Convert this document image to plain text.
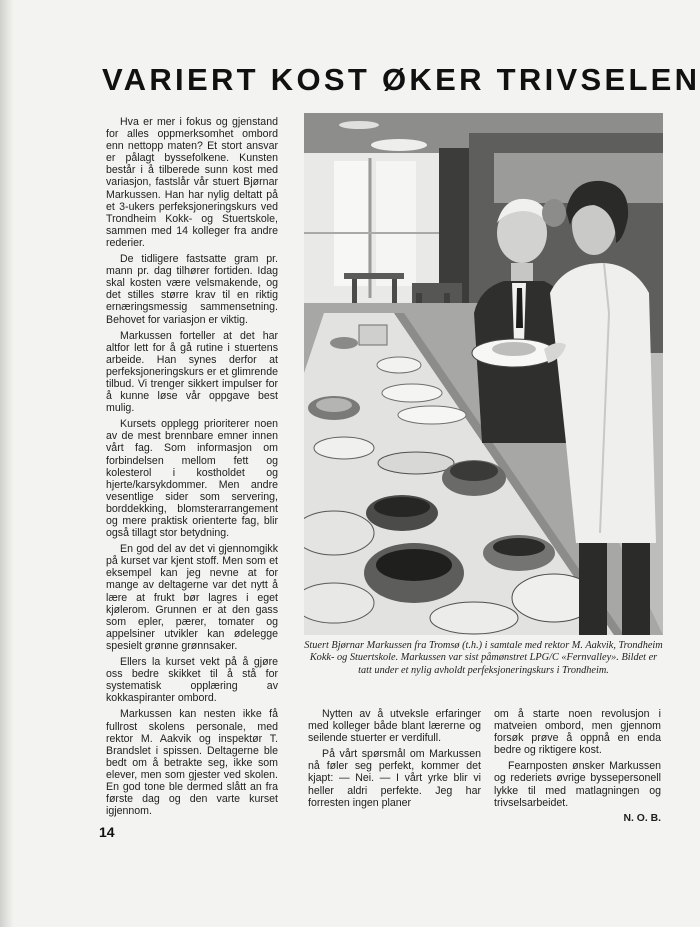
VARIERT KOST ØKER TRIVSELEN

Hva er mer i fokus og gjenstand for alles oppmerksomhet ombord enn nettopp maten? Et stort ansvar er pålagt byssefolkene. Kunsten består i å tilberede sunn kost med variasjon, fastslår vår stuert Bjørnar Markussen. Han har nylig deltatt på et 3-ukers perfeksjoneringskurs ved Trondheim Kokk- og Stuertskole, sammen med 14 kolleger fra andre rederier.

De tidligere fastsatte gram pr. mann pr. dag tilhører fortiden. Idag skal kosten være velsmakende, og det stilles større krav til en riktig ernæringsmessig sammensetning. Behovet for variasjon er viktig.

Markussen forteller at det har altfor lett for å gå rutine i stuertens arbeide. Han synes derfor at perfeksjoneringskurs er et glimrende tilbud. Vi trenger sikkert impulser for å kunne løse vår oppgave best mulig.

Kursets opplegg prioriterer noen av de mest brennbare emner innen vårt fag. Som informasjon om forbindelsen mellom fett og kolesterol i kostholdet og hjerte/karsykdommer. Men andre vesentlige sider som servering, borddekking, blomsterarrangement og mere praktisk orienterte fag, blir også tillagt stor betydning.

En god del av det vi gjennomgikk på kurset var kjent stoff. Men som et eksempel kan jeg nevne at for mange av deltagerne var det nytt å lære at frukt bør lagres i eget kjølerom. Grunnen er at den gass som epler, pærer, tomater og appelsiner utvikler kan ødelegge spesielt grønne grønnsaker.

Ellers la kurset vekt på å gjøre oss bedre skikket til å stå for systematisk opplæring av kokkaspiranter ombord.

Markussen kan nesten ikke få fullrost skolens personale, med rektor M. Aakvik og inspektør T. Brandslet i spissen. Deltagerne ble bedt om å betrakte seg, ikke som elever, men som gjester ved skolen. En god tone ble dermed slått an fra første dag og den varte kurset igjennom.

Stuert Bjørnar Markussen fra Tromsø (t.h.) i samtale med rektor M. Aakvik, Trondheim Kokk- og Stuertskole. Markussen var sist påmønstret LPG/C «Fernvalley». Bildet er tatt under et nylig avholdt perfeksjoneringskurs i Trondheim.

Nytten av å utveksle erfaringer med kolleger både blant lærerne og seilende stuerter er verdifull.

På vårt spørsmål om Markussen nå føler seg perfekt, kommer det kjapt: — Nei. — I vårt yrke blir vi heller aldri perfekte. Jeg har forresten ingen planer

om å starte noen revolusjon i matveien ombord, men gjennom forsøk prøve å oppnå en enda bedre og riktigere kost.

Fearnposten ønsker Markussen og rederiets øvrige byssepersonell lykke til med matlagningen og trivselsarbeidet.

N. O. B.
14
